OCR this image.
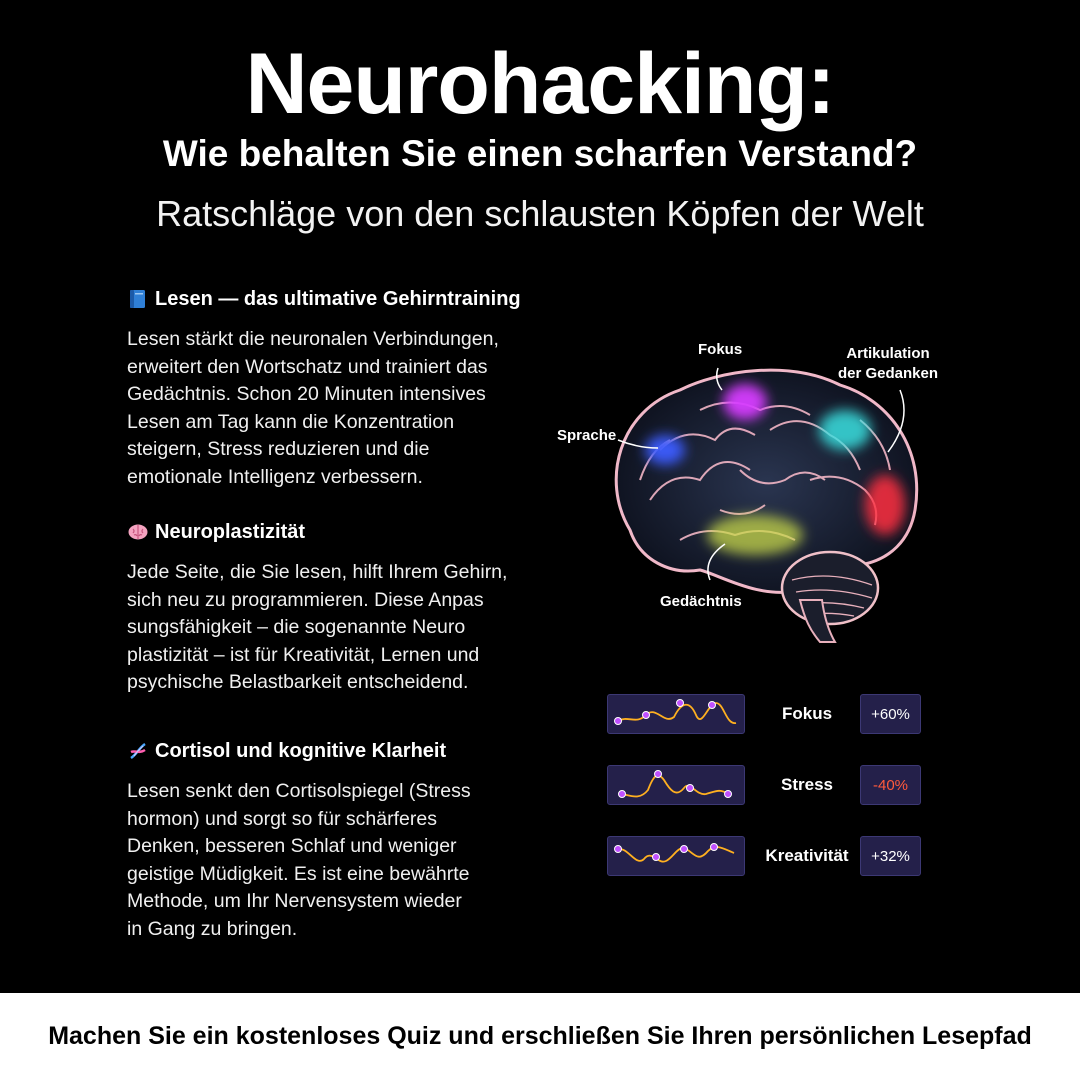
Neurohacking:
Wie behalten Sie einen scharfen Verstand?
Ratschläge von den schlausten Köpfen der Welt
Lesen — das ultimative Gehirntraining
Lesen stärkt die neuronalen Verbindungen,
erweitert den Wortschatz und trainiert das
Gedächtnis. Schon 20 Minuten intensives
Lesen am Tag kann die Konzentration
steigern, Stress reduzieren und die
emotionale Intelligenz verbessern.
Neuroplastizität
Jede Seite, die Sie lesen, hilft Ihrem Gehirn,
sich neu zu programmieren. Diese Anpas
sungsfähigkeit – die sogenannte Neuro
plastizität – ist für Kreativität, Lernen und
psychische Belastbarkeit entscheidend.
Cortisol und kognitive Klarheit
Lesen senkt den Cortisolspiegel (Stress
hormon) und sorgt so für schärferes
Denken, besseren Schlaf und weniger
geistige Müdigkeit. Es ist eine bewährte
Methode, um Ihr Nervensystem wieder
in Gang zu bringen.
Fokus	Artikulation
der Gedanken
Sprache
Gedächtnis
Fokus	+60%
Stress	-40%
Kreativität	+32%
Machen Sie ein kostenloses Quiz und erschließen Sie Ihren persönlichen Lesepfad
